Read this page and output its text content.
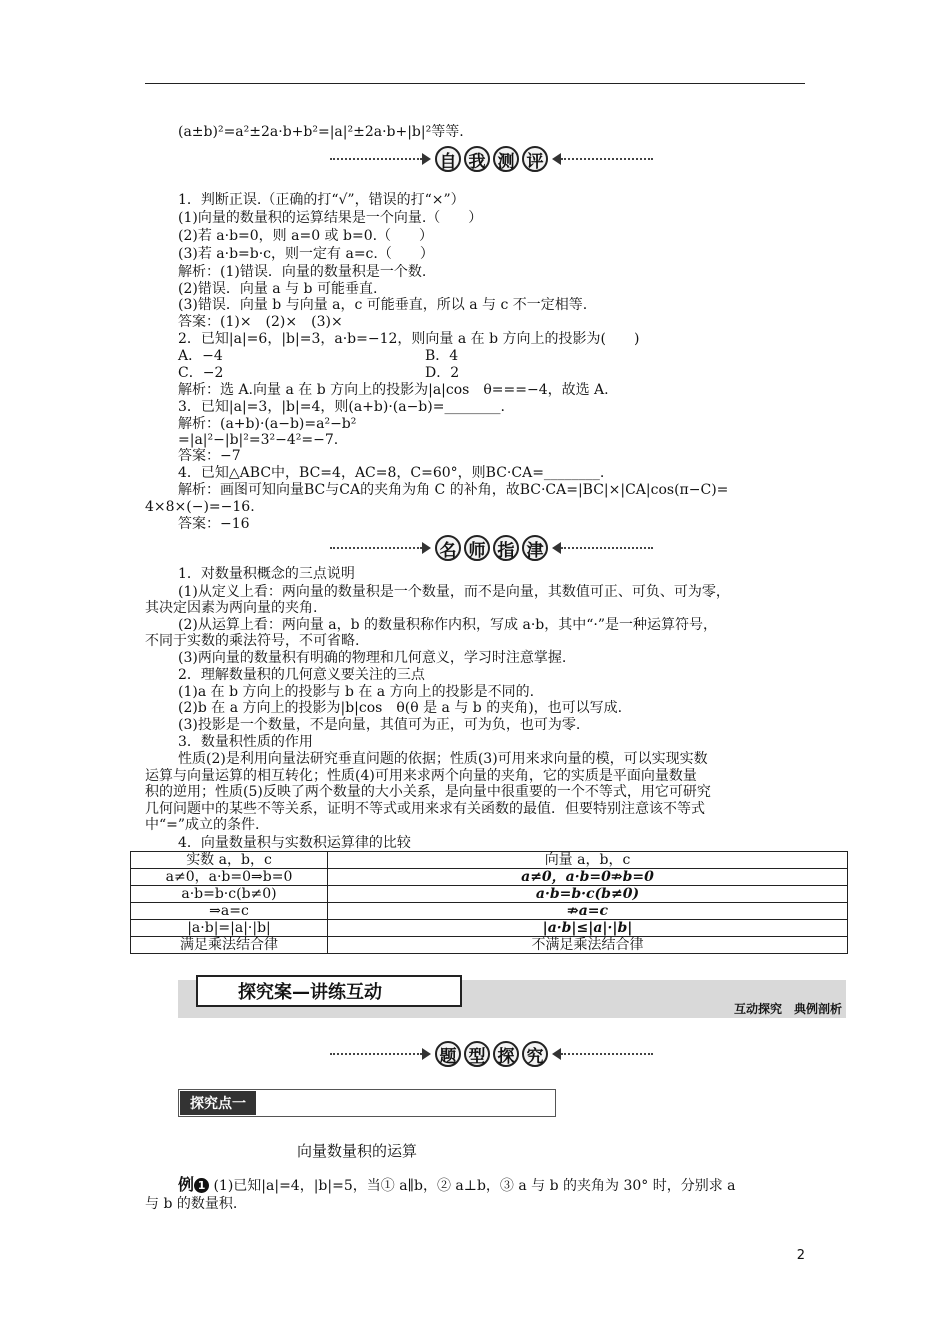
(a±b)²=a²±2a·b+b²=|a|²±2a·b+|b|²等等.
自 我 测 评
1．判断正误.（正确的打“√”，错误的打“×”）
(1)向量的数量积的运算结果是一个向量.（　　）
(2)若 a·b=0，则 a=0 或 b=0.（　　）
(3)若 a·b=b·c，则一定有 a=c.（　　）
解析：(1)错误．向量的数量积是一个数.
(2)错误．向量 a 与 b 可能垂直.
(3)错误．向量 b 与向量 a，c 可能垂直，所以 a 与 c 不一定相等.
答案：(1)×　(2)×　(3)×
2．已知|a|=6，|b|=3，a·b=−12，则向量 a 在 b 方向上的投影为(　　)
A．−4	B．4
C．−2	D．2
解析：选 A.向量 a 在 b 方向上的投影为|a|cos　θ===−4，故选 A.
3．已知|a|=3，|b|=4，则(a+b)·(a−b)=________.
解析：(a+b)·(a−b)=a²−b²
=|a|²−|b|²=3²−4²=−7.
答案：−7
4．已知△ABC中，BC=4，AC=8，C=60°，则BC·CA=________.
解析：画图可知向量BC与CA的夹角为角 C 的补角，故BC·CA=|BC|×|CA|cos(π−C)=
4×8×(−)=−16.
答案：−16
名 师 指 津
1．对数量积概念的三点说明
(1)从定义上看：两向量的数量积是一个数量，而不是向量，其数值可正、可负、可为零，
其决定因素为两向量的夹角.
(2)从运算上看：两向量 a，b 的数量积称作内积，写成 a·b，其中“·”是一种运算符号，
不同于实数的乘法符号，不可省略.
(3)两向量的数量积有明确的物理和几何意义，学习时注意掌握.
2．理解数量积的几何意义要关注的三点
(1)a 在 b 方向上的投影与 b 在 a 方向上的投影是不同的.
(2)b 在 a 方向上的投影为|b|cos　θ(θ 是 a 与 b 的夹角)，也可以写成.
(3)投影是一个数量，不是向量，其值可为正，可为负，也可为零.
3．数量积性质的作用
性质(2)是利用向量法研究垂直问题的依据；性质(3)可用来求向量的模，可以实现实数
运算与向量运算的相互转化；性质(4)可用来求两个向量的夹角，它的实质是平面向量数量
积的逆用；性质(5)反映了两个数量的大小关系，是向量中很重要的一个不等式，用它可研究
几何问题中的某些不等关系，证明不等式或用来求有关函数的最值．但要特别注意该不等式
中“=”成立的条件.
4．向量数量积与实数积运算律的比较
实数 a，b，c	向量 a，b，c
a≠0，a·b=0⇒b=0	a≠0，a·b=0⇏b=0
a·b=b·c(b≠0)	a·b=b·c(b≠0)
⇒a=c	⇏a=c
|a·b|=|a|·|b|	|a·b|≤|a|·|b|
满足乘法结合律	不满足乘法结合律
探究案—讲练互动
互动探究　典例剖析
题 型 探 究
探究点一
向量数量积的运算
例 1 (1)已知|a|=4，|b|=5，当① a∥b，② a⊥b，③ a 与 b 的夹角为 30° 时，分别求 a
与 b 的数量积.
2
